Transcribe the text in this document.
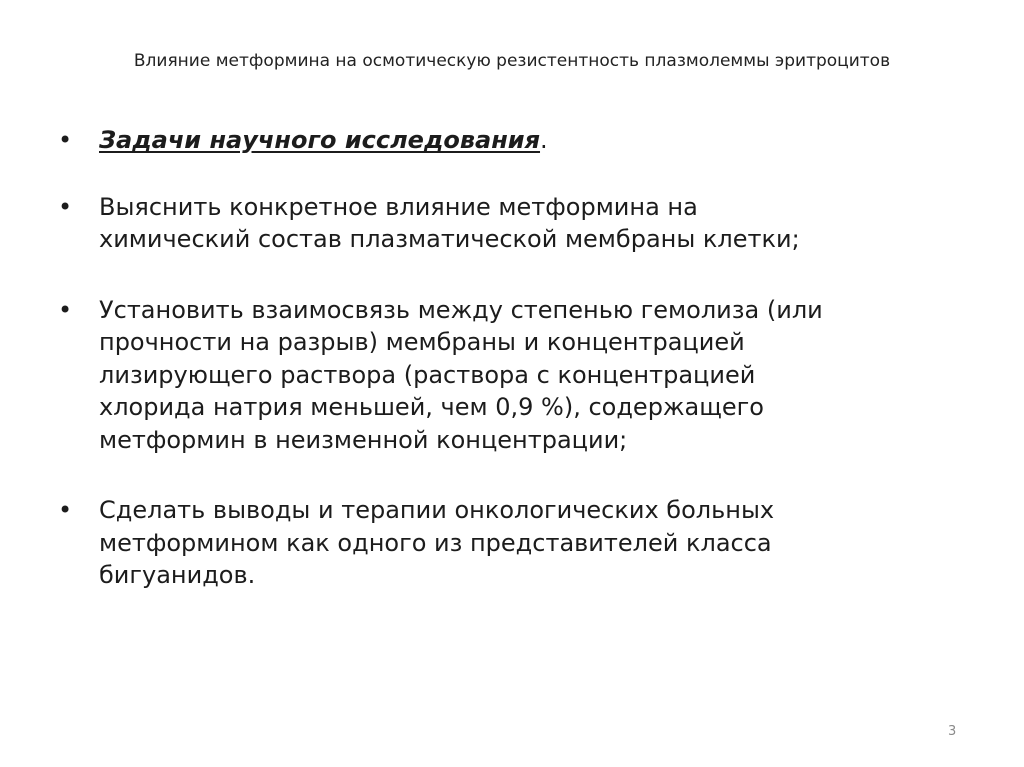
Влияние метформина на осмотическую резистентность плазмолеммы эритроцитов
•	Задачи научного исследования.
•	Выяснить конкретное влияние метформина на
химический состав плазматической мембраны клетки;
•	Установить взаимосвязь между степенью гемолиза (или
прочности на разрыв) мембраны и концентрацией
лизирующего раствора (раствора с концентрацией
хлорида натрия меньшей, чем 0,9 %), содержащего
метформин в неизменной концентрации;
•	Сделать выводы и терапии онкологических больных
метформином как одного из представителей класса
бигуанидов.
3
